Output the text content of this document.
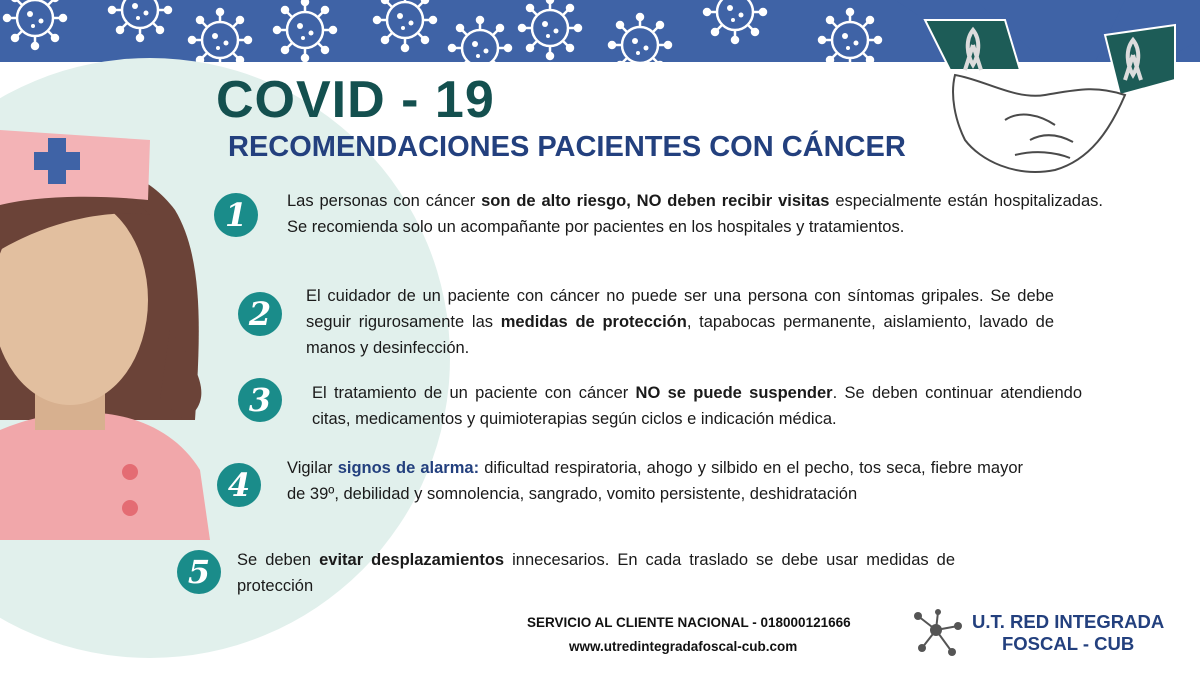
COVID - 19
RECOMENDACIONES PACIENTES CON CÁNCER
1	Las personas con cáncer son de alto riesgo, NO deben recibir visitas especialmente están hospitalizadas. Se recomienda solo un acompañante por pacientes en los hospitales y tratamientos.
2	El cuidador de un paciente con cáncer no puede ser una persona con síntomas gripales. Se debe seguir rigurosamente las medidas de protección, tapabocas permanente, aislamiento, lavado de manos y desinfección.
3	El tratamiento de un paciente con cáncer NO se puede suspender. Se deben continuar atendiendo citas, medicamentos y quimioterapias según ciclos e indicación médica.
4	Vigilar signos de alarma: dificultad respiratoria, ahogo y silbido en el pecho, tos seca, fiebre mayor de 39º, debilidad y somnolencia, sangrado, vomito persistente, deshidratación
5	Se deben evitar desplazamientos innecesarios. En cada traslado se debe usar medidas de protección
SERVICIO AL CLIENTE NACIONAL - 018000121666
www.utredintegradafoscal-cub.com
U.T. RED INTEGRADA
FOSCAL - CUB
